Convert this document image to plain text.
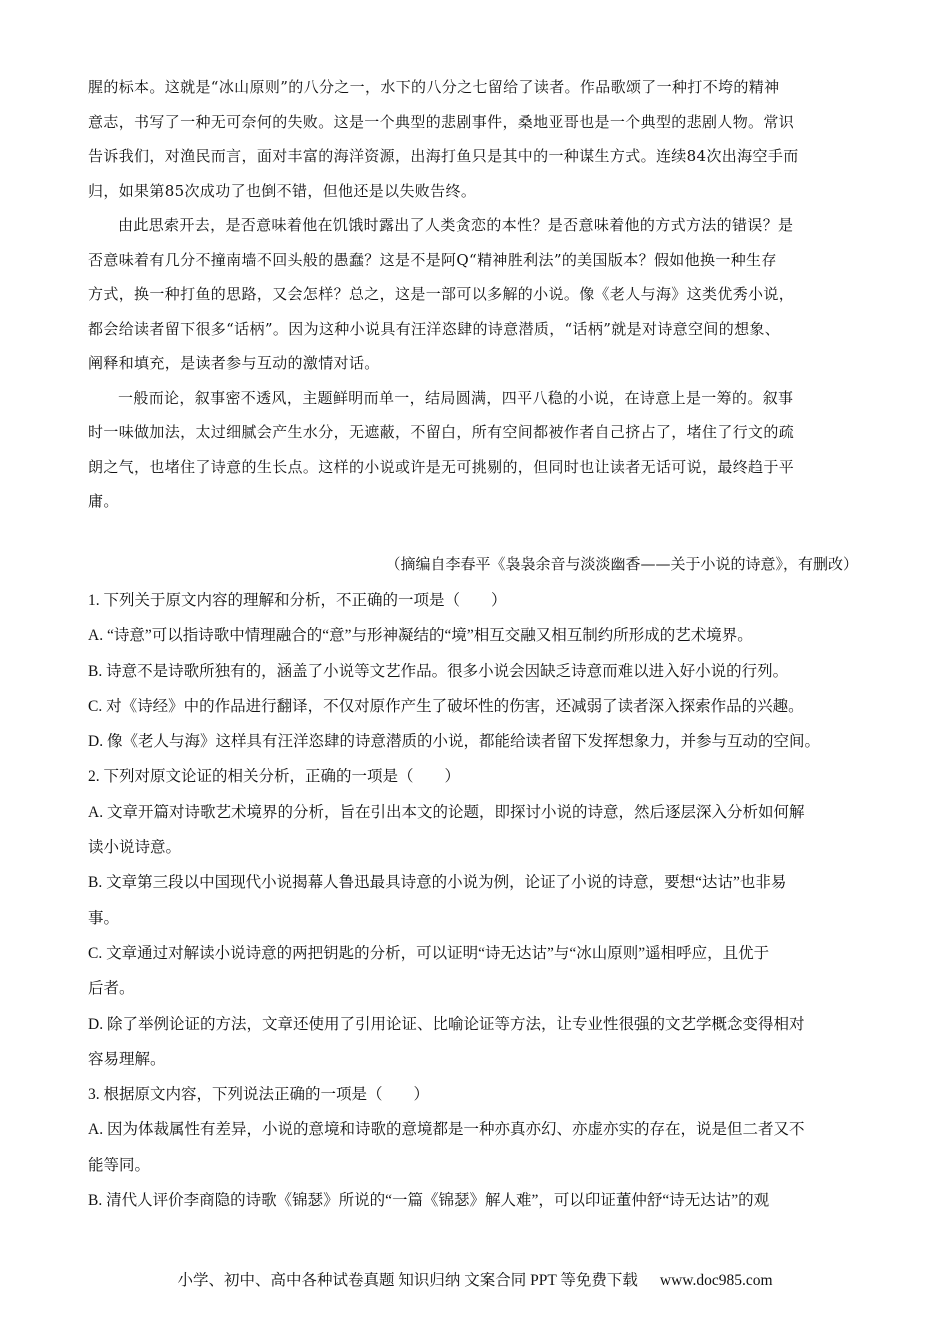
腥的标本。这就是“冰山原则”的八分之一，水下的八分之七留给了读者。作品歌颂了一种打不垮的精神
意志，书写了一种无可奈何的失败。这是一个典型的悲剧事件，桑地亚哥也是一个典型的悲剧人物。常识
告诉我们，对渔民而言，面对丰富的海洋资源，出海打鱼只是其中的一种谋生方式。连续84次出海空手而
归，如果第85次成功了也倒不错，但他还是以失败告终。
由此思索开去，是否意味着他在饥饿时露出了人类贪恋的本性？是否意味着他的方式方法的错误？是
否意味着有几分不撞南墙不回头般的愚蠢？这是不是阿Q“精神胜利法”的美国版本？假如他换一种生存
方式，换一种打鱼的思路，又会怎样？总之，这是一部可以多解的小说。像《老人与海》这类优秀小说，
都会给读者留下很多“话柄”。因为这种小说具有汪洋恣肆的诗意潜质，“话柄”就是对诗意空间的想象、
阐释和填充，是读者参与互动的激情对话。
一般而论，叙事密不透风，主题鲜明而单一，结局圆满，四平八稳的小说，在诗意上是一筹的。叙事
时一味做加法，太过细腻会产生水分，无遮蔽，不留白，所有空间都被作者自己挤占了，堵住了行文的疏
朗之气，也堵住了诗意的生长点。这样的小说或许是无可挑剔的，但同时也让读者无话可说，最终趋于平
庸。
（摘编自李春平《袅袅余音与淡淡幽香——关于小说的诗意》，有删改）
1. 下列关于原文内容的理解和分析，不正确的一项是（　　）
A. “诗意”可以指诗歌中情理融合的“意”与形神凝结的“境”相互交融又相互制约所形成的艺术境界。
B. 诗意不是诗歌所独有的，涵盖了小说等文艺作品。很多小说会因缺乏诗意而难以进入好小说的行列。
C. 对《诗经》中的作品进行翻译，不仅对原作产生了破坏性的伤害，还减弱了读者深入探索作品的兴趣。
D. 像《老人与海》这样具有汪洋恣肆的诗意潜质的小说，都能给读者留下发挥想象力，并参与互动的空间。
2. 下列对原文论证的相关分析，正确的一项是（　　）
A. 文章开篇对诗歌艺术境界的分析，旨在引出本文的论题，即探讨小说的诗意，然后逐层深入分析如何解
读小说诗意。
B. 文章第三段以中国现代小说揭幕人鲁迅最具诗意的小说为例，论证了小说的诗意，要想“达诂”也非易
事。
C. 文章通过对解读小说诗意的两把钥匙的分析，可以证明“诗无达诂”与“冰山原则”遥相呼应，且优于
后者。
D. 除了举例论证的方法，文章还使用了引用论证、比喻论证等方法，让专业性很强的文艺学概念变得相对
容易理解。
3. 根据原文内容，下列说法正确的一项是（　　）
A. 因为体裁属性有差异，小说的意境和诗歌的意境都是一种亦真亦幻、亦虚亦实的存在，说是但二者又不
能等同。
B. 清代人评价李商隐的诗歌《锦瑟》所说的“一篇《锦瑟》解人难”，可以印证董仲舒“诗无达诂”的观
小学、初中、高中各种试卷真题 知识归纳 文案合同 PPT 等免费下载 www.doc985.com
